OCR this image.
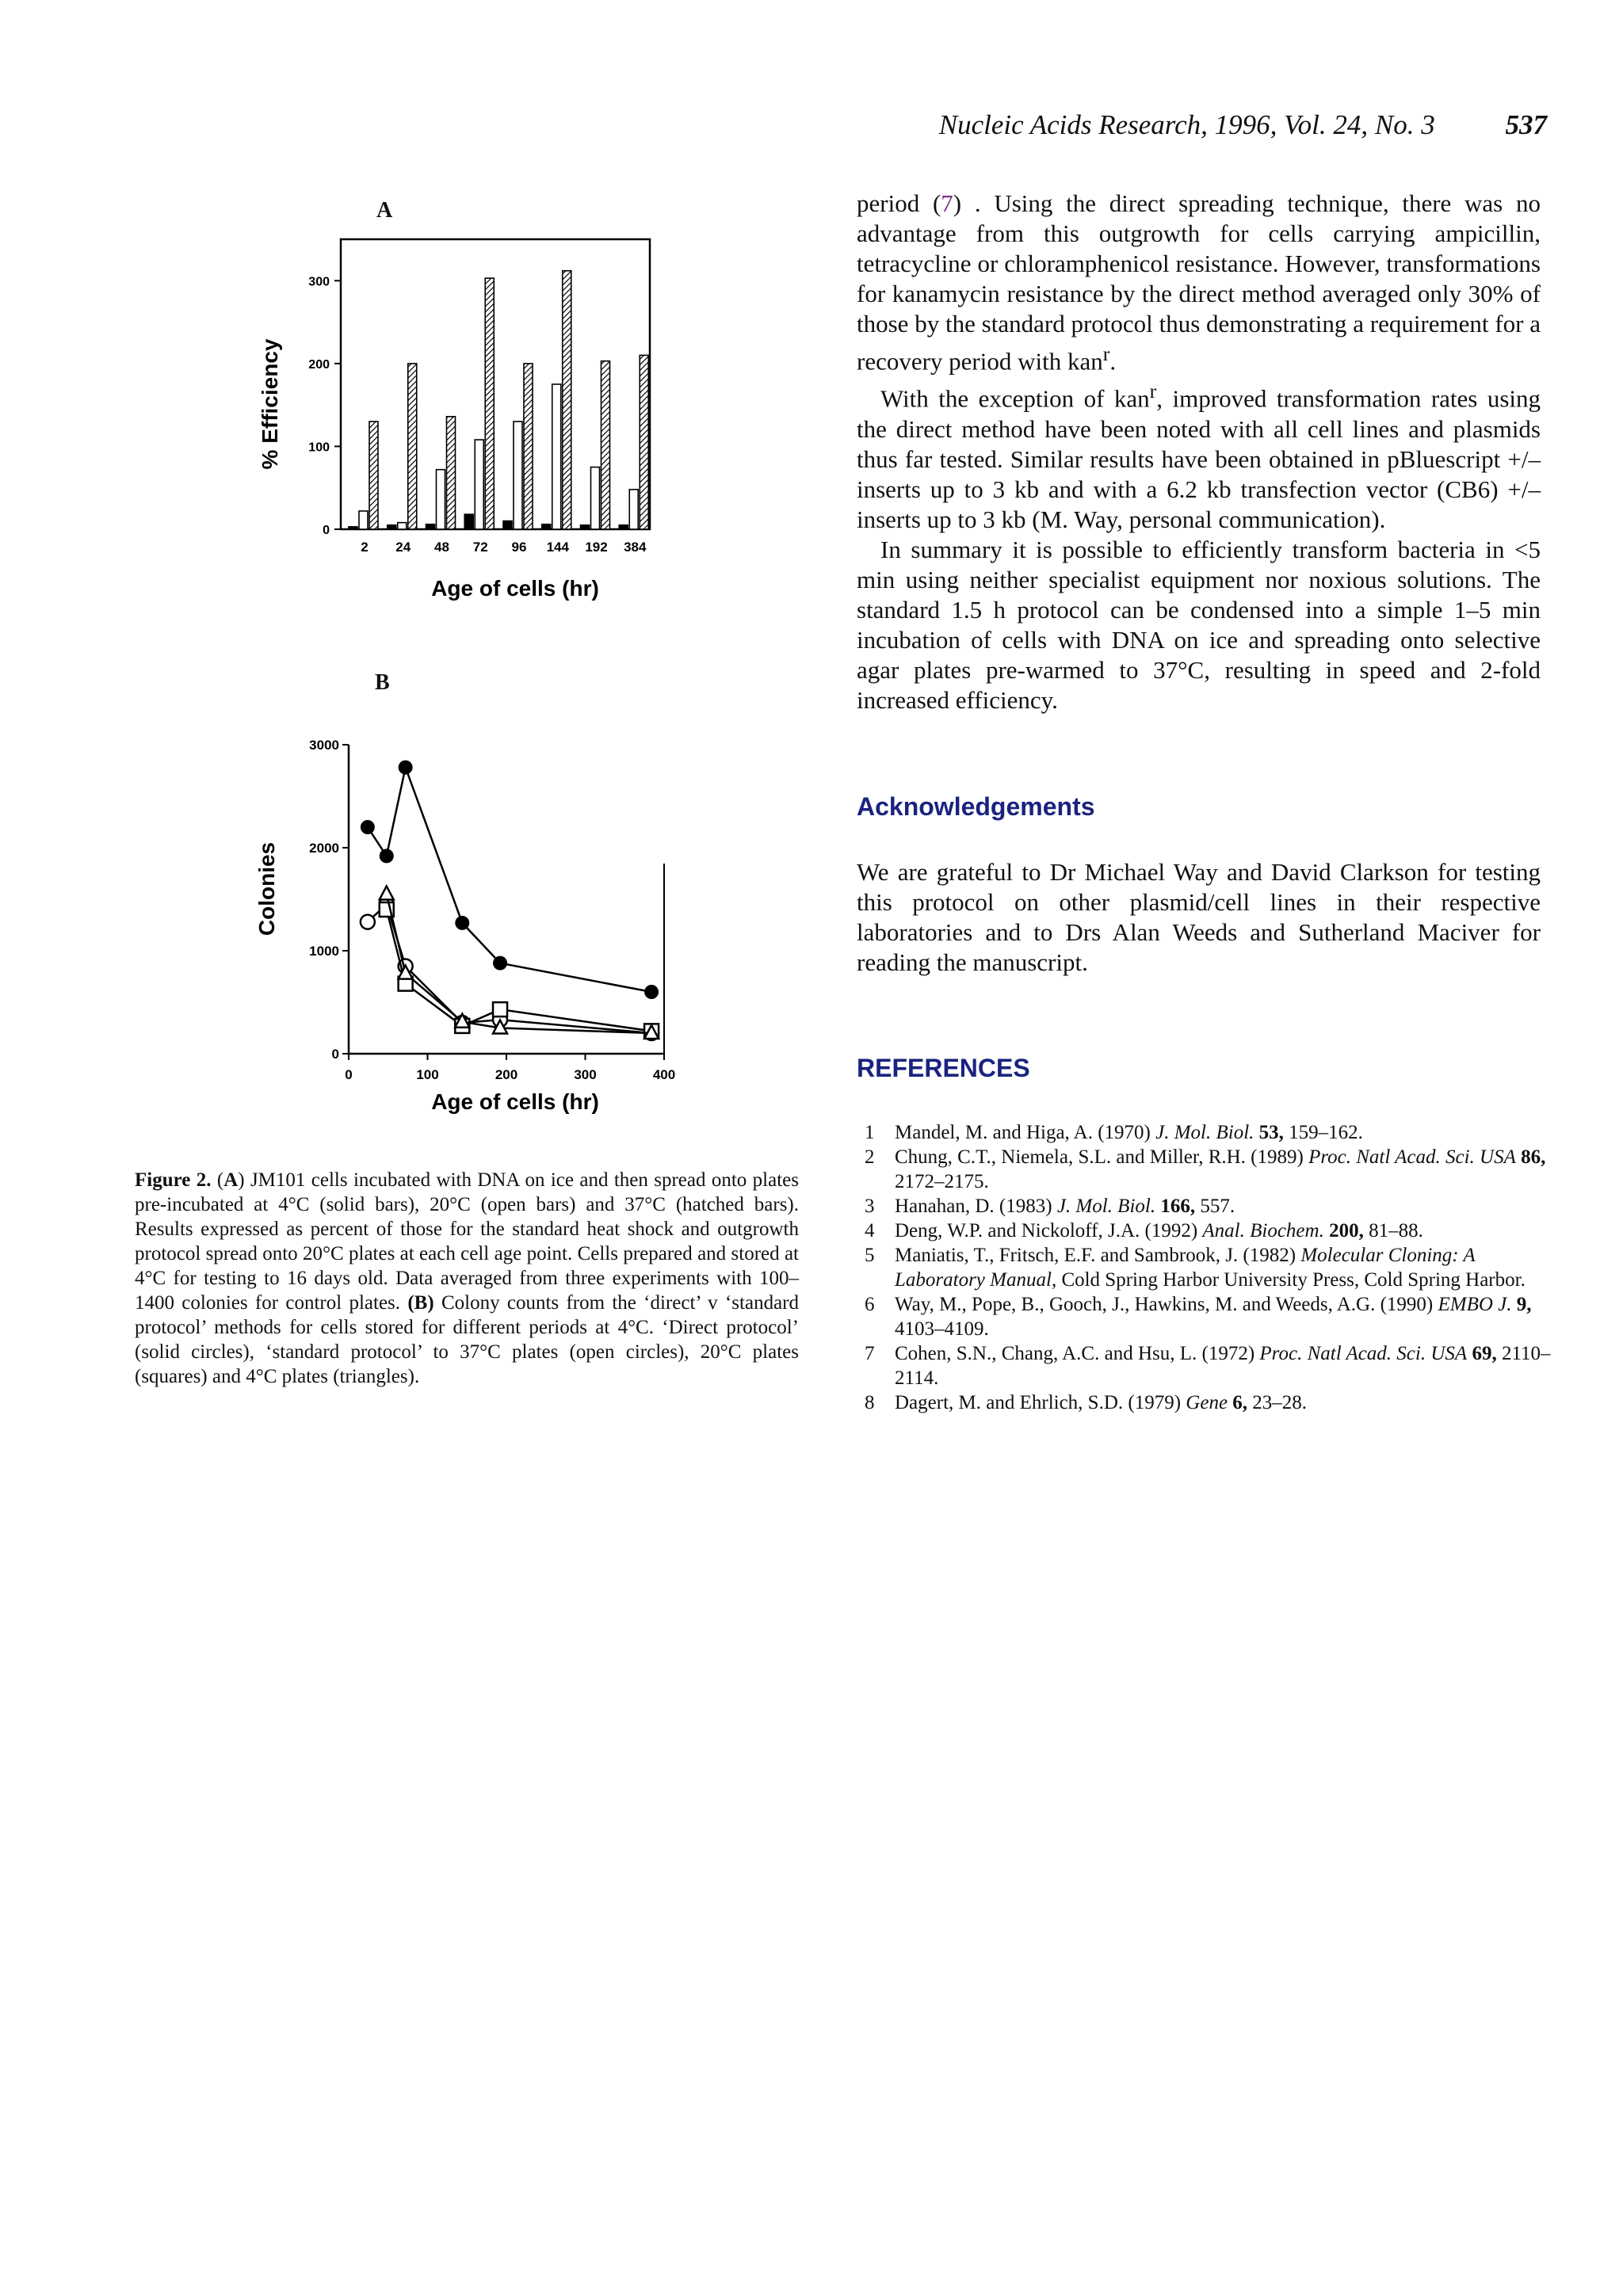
Nucleic Acids Research, 1996, Vol. 24, No. 3	537
A
0
100
200
300
2 24 48 72 96 144 192 384
% Efficiency
Age of cells (hr)
B
0
1000
2000
3000
0	100	200	300	400
Colonies
Age of cells (hr)

period (7) . Using the direct spreading technique, there was no advantage from this outgrowth for cells carrying ampicillin, tetracycline or chloramphenicol resistance. However, transformations for kanamycin resistance by the direct method averaged only 30% of those by the standard protocol thus demonstrating a requirement for a recovery period with kan$^r$.

With the exception of kan$^r$, improved transformation rates using the direct method have been noted with all cell lines and plasmids thus far tested. Similar results have been obtained in pBluescript +/– inserts up to 3 kb and with a 6.2 kb transfection vector (CB6) +/– inserts up to 3 kb (M. Way, personal communication).

In summary it is possible to efficiently transform bacteria in <5 min using neither specialist equipment nor noxious solutions. The standard 1.5 h protocol can be condensed into a simple 1–5 min incubation of cells with DNA on ice and spreading onto selective agar plates pre-warmed to 37°C, resulting in speed and 2-fold increased efficiency.

Acknowledgements
We are grateful to Dr Michael Way and David Clarkson for testing this protocol on other plasmid/cell lines in their respective laboratories and to Drs Alan Weeds and Sutherland Maciver for reading the manuscript.
REFERENCES
1 Mandel, M. and Higa, A. (1970) J. Mol. Biol. 53, 159–162.
2 Chung, C.T., Niemela, S.L. and Miller, R.H. (1989) Proc. Natl Acad. Sci. USA 86, 2172–2175.
3 Hanahan, D. (1983) J. Mol. Biol. 166, 557.
4 Deng, W.P. and Nickoloff, J.A. (1992) Anal. Biochem. 200, 81–88.
5 Maniatis, T., Fritsch, E.F. and Sambrook, J. (1982) Molecular Cloning: A Laboratory Manual, Cold Spring Harbor University Press, Cold Spring Harbor.
6 Way, M., Pope, B., Gooch, J., Hawkins, M. and Weeds, A.G. (1990) EMBO J. 9, 4103–4109.
7 Cohen, S.N., Chang, A.C. and Hsu, L. (1972) Proc. Natl Acad. Sci. USA 69, 2110–2114.
8 Dagert, M. and Ehrlich, S.D. (1979) Gene 6, 23–28.
Figure 2. (A) JM101 cells incubated with DNA on ice and then spread onto plates pre-incubated at 4°C (solid bars), 20°C (open bars) and 37°C (hatched bars). Results expressed as percent of those for the standard heat shock and outgrowth protocol spread onto 20°C plates at each cell age point. Cells prepared and stored at 4°C for testing to 16 days old. Data averaged from three experiments with 100–1400 colonies for control plates. (B) Colony counts from the ‘direct’ v ‘standard protocol’ methods for cells stored for different periods at 4°C. ‘Direct protocol’ (solid circles), ‘standard protocol’ to 37°C plates (open circles), 20°C plates (squares) and 4°C plates (triangles).
